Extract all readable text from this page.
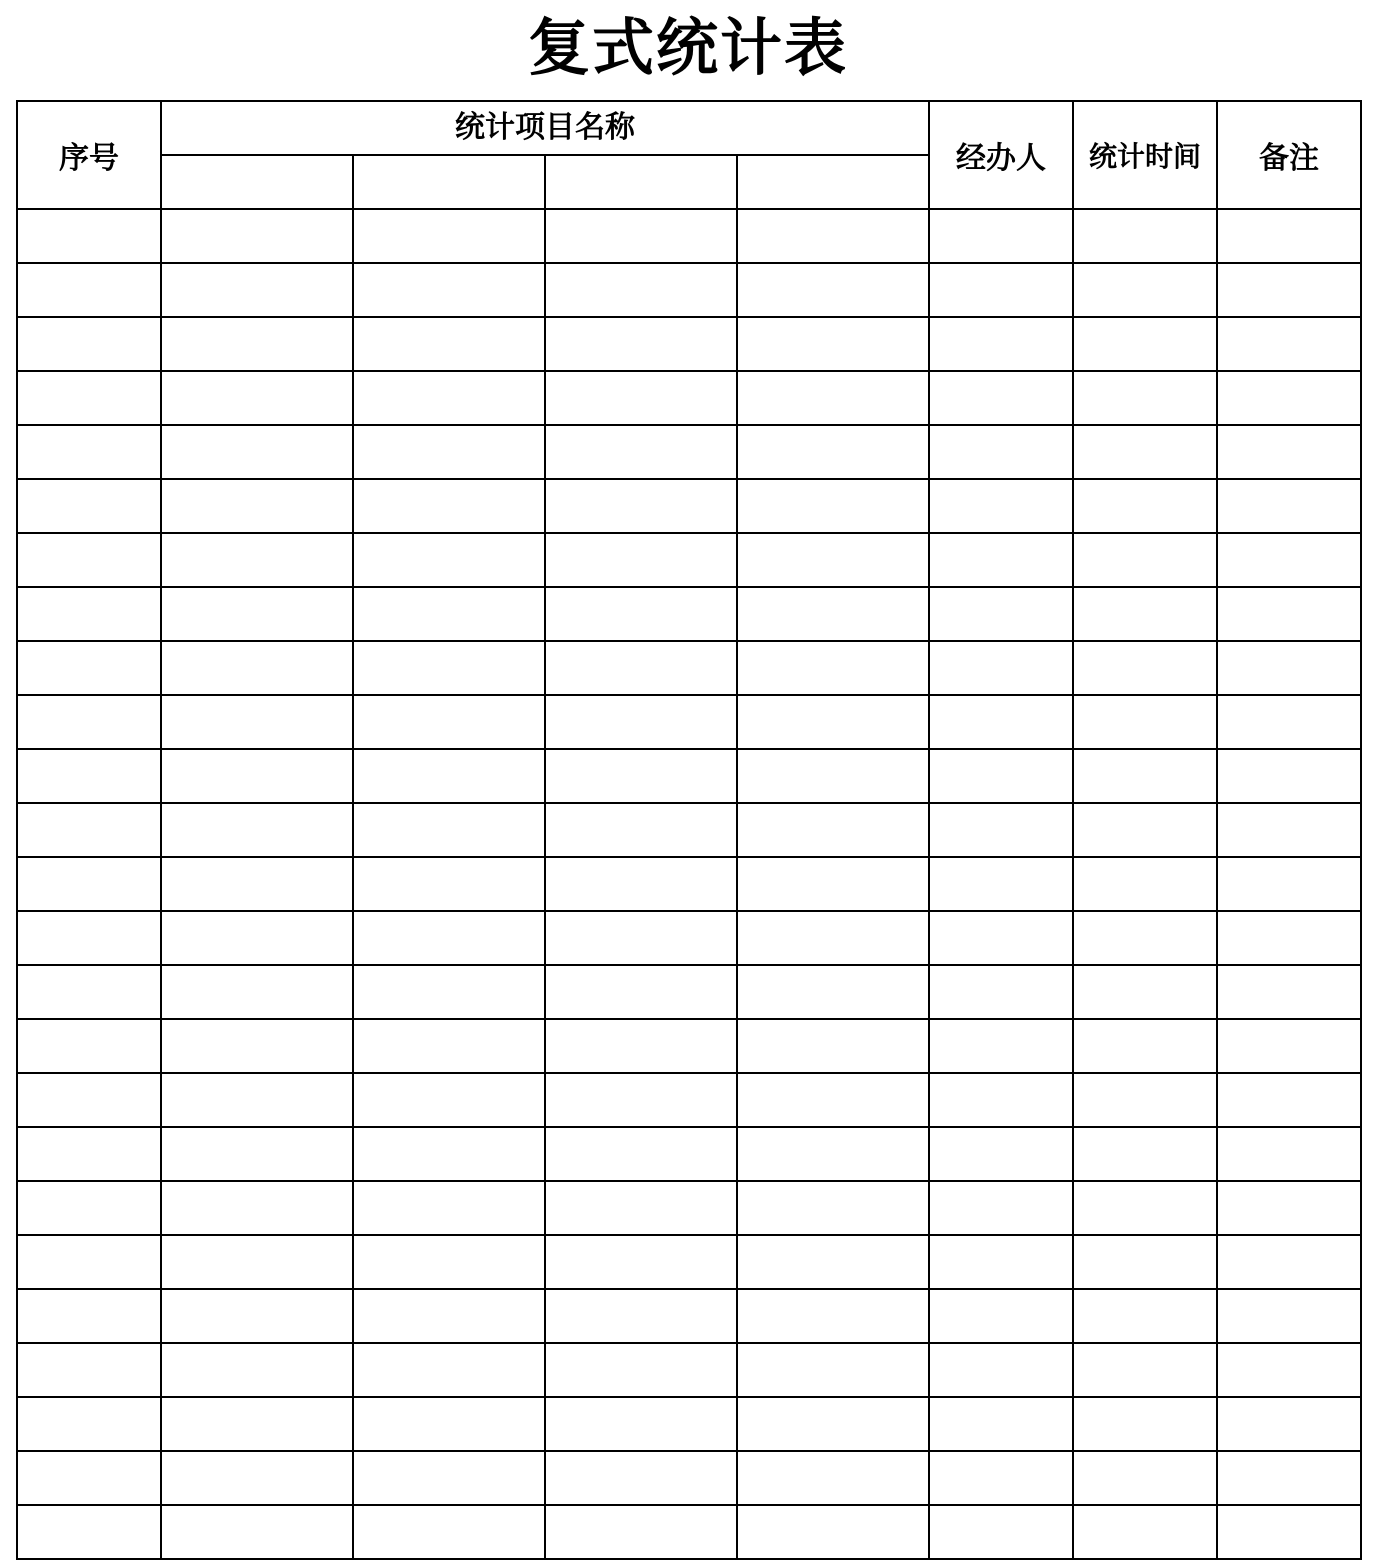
复式统计表
序号	统计项目名称				经办人	统计时间	备注
